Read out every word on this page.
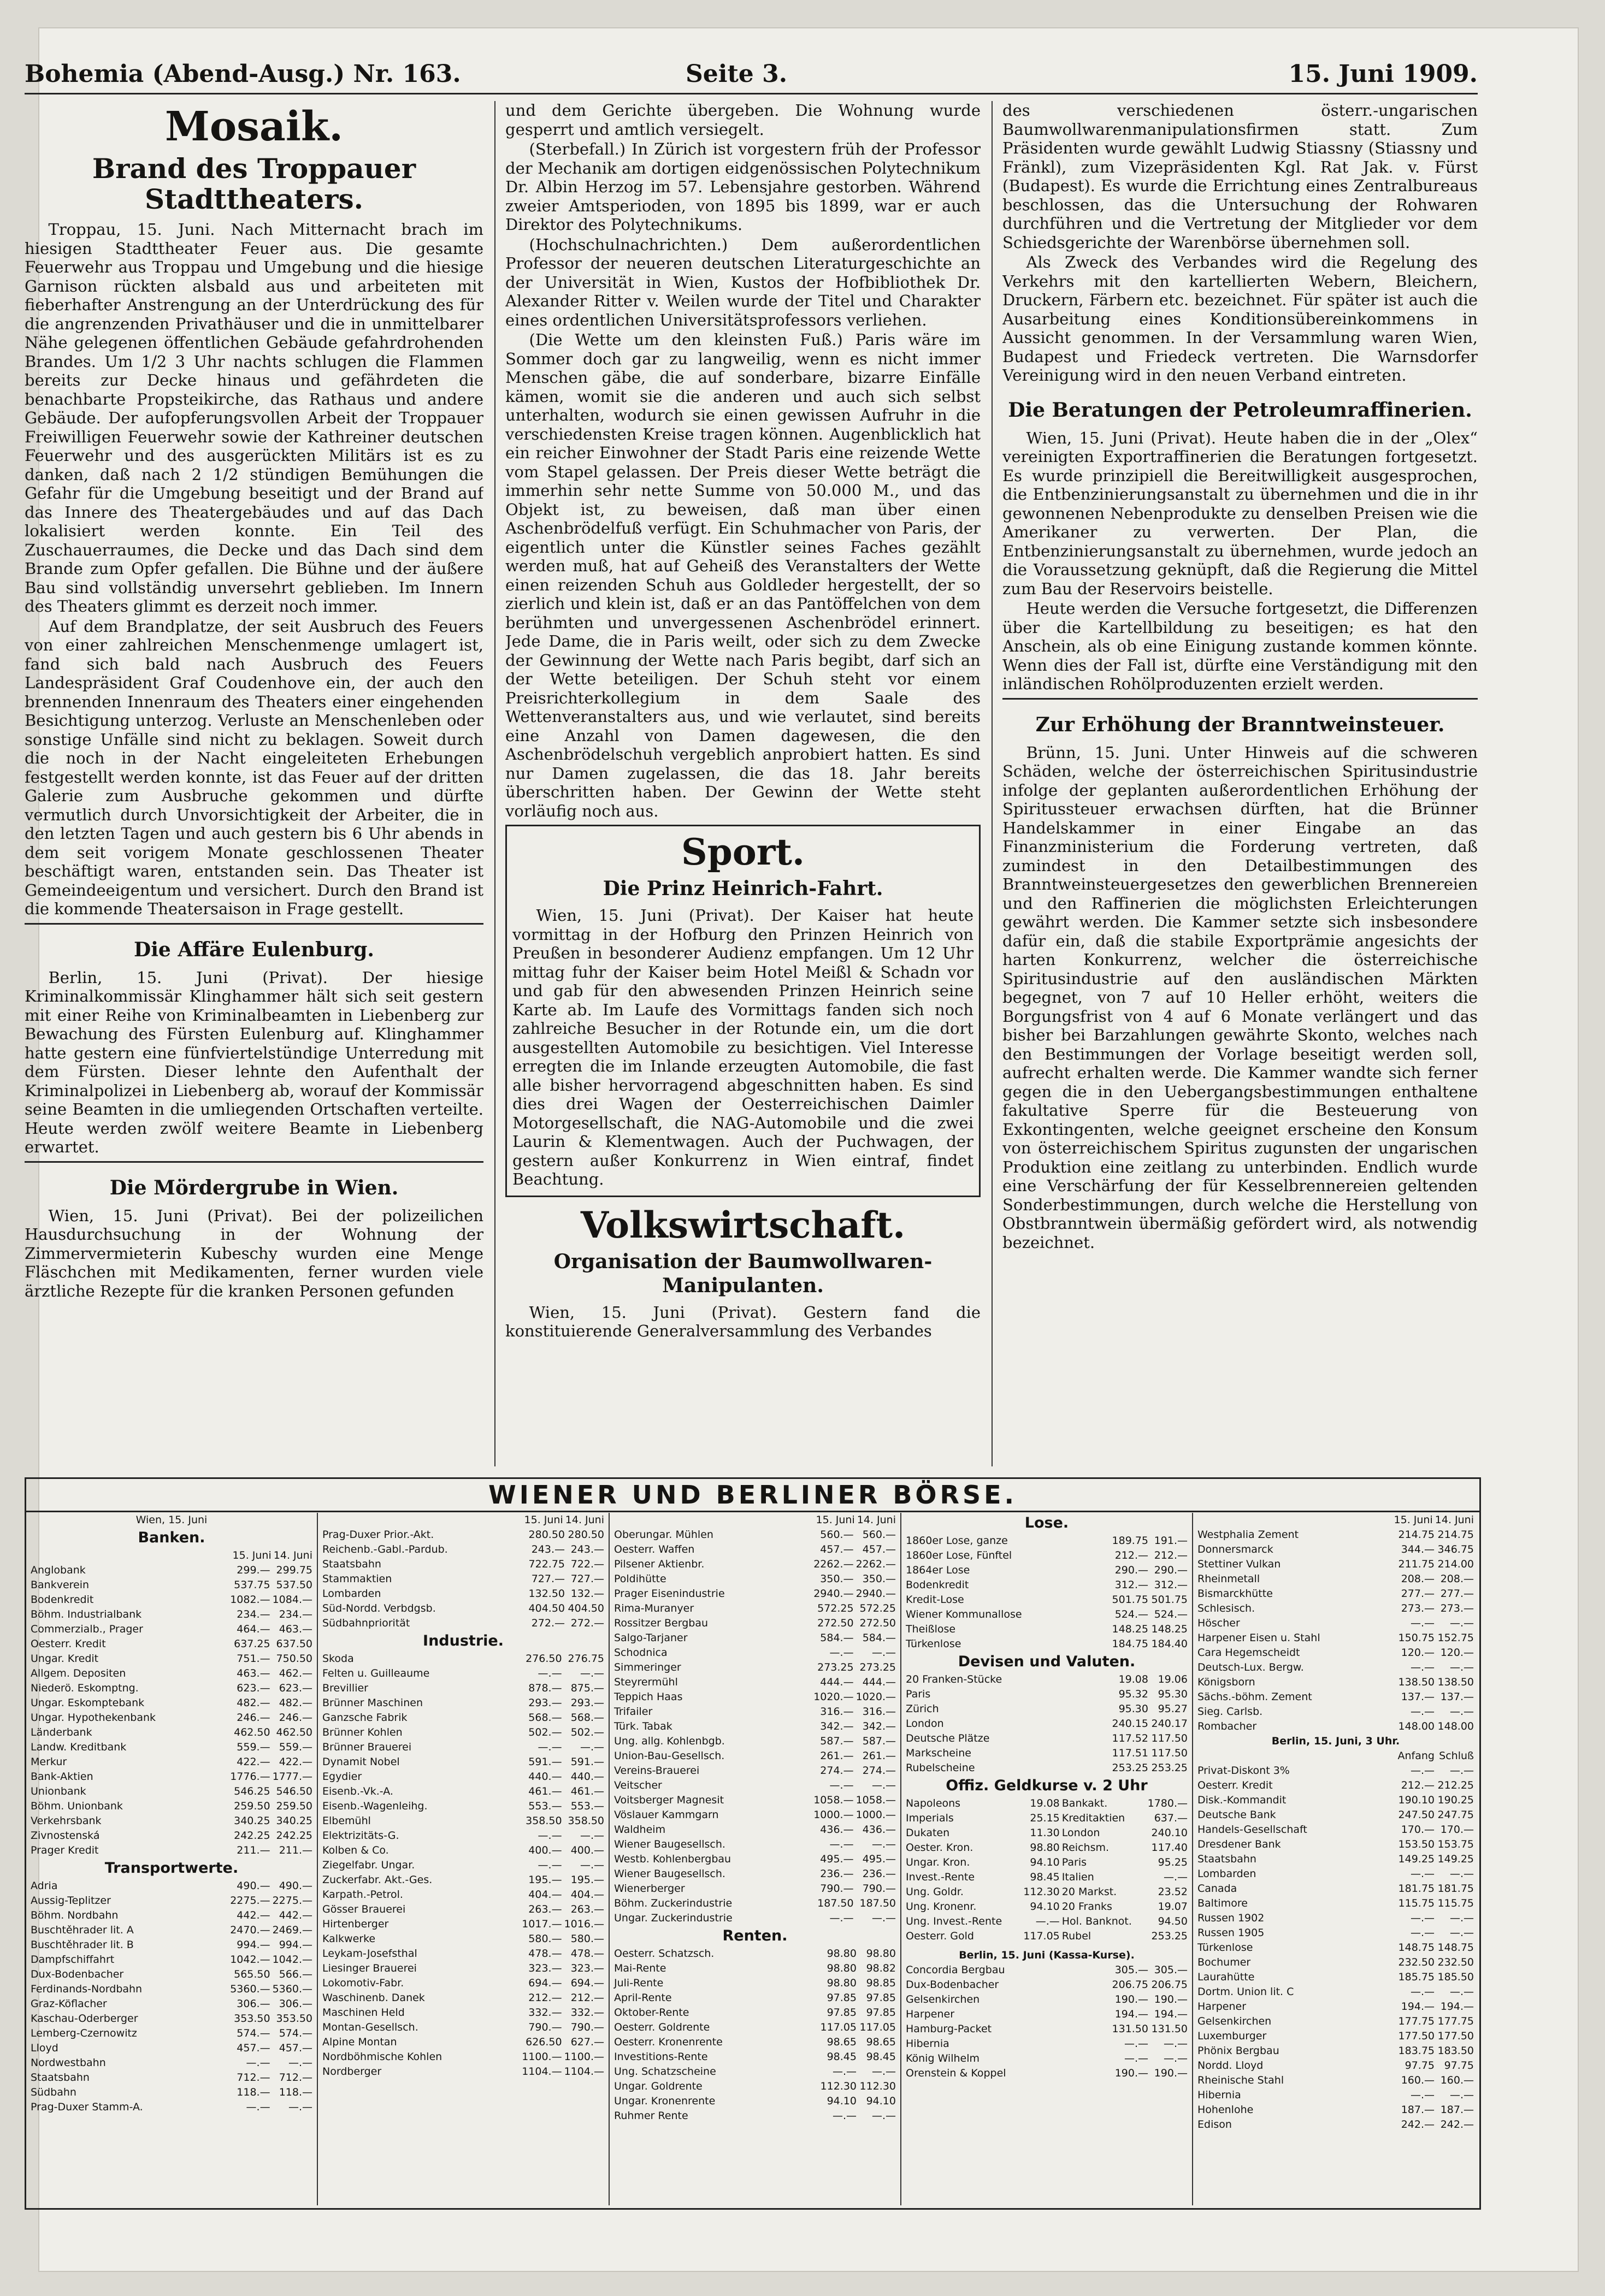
Bohemia (Abend-Ausg.) Nr. 163.	Seite 3.	15. Juni 1909.
Mosaik.
Brand des Troppauer Stadttheaters.

Troppau, 15. Juni. Nach Mitternacht brach im hiesigen Stadttheater Feuer aus. Die gesamte Feuerwehr aus Troppau und Umgebung und die hiesige Garnison rückten alsbald aus und arbeiteten mit fieberhafter Anstrengung an der Unterdrückung des für die angrenzenden Privathäuser und die in unmittelbarer Nähe gelegenen öffentlichen Gebäude gefahrdrohenden Brandes. Um 1/2 3 Uhr nachts schlugen die Flammen bereits zur Decke hinaus und gefährdeten die benachbarte Propsteikirche, das Rathaus und andere Gebäude. Der aufopferungsvollen Arbeit der Troppauer Freiwilligen Feuerwehr sowie der Kathreiner deutschen Feuerwehr und des ausgerückten Militärs ist es zu danken, daß nach 2 1/2 stündigen Bemühungen die Gefahr für die Umgebung beseitigt und der Brand auf das Innere des Theatergebäudes und auf das Dach lokalisiert werden konnte. Ein Teil des Zuschauerraumes, die Decke und das Dach sind dem Brande zum Opfer gefallen. Die Bühne und der äußere Bau sind vollständig unversehrt geblieben. Im Innern des Theaters glimmt es derzeit noch immer.

Auf dem Brandplatze, der seit Ausbruch des Feuers von einer zahlreichen Menschenmenge umlagert ist, fand sich bald nach Ausbruch des Feuers Landespräsident Graf Coudenhove ein, der auch den brennenden Innenraum des Theaters einer eingehenden Besichtigung unterzog. Verluste an Menschenleben oder sonstige Unfälle sind nicht zu beklagen. Soweit durch die noch in der Nacht eingeleiteten Erhebungen festgestellt werden konnte, ist das Feuer auf der dritten Galerie zum Ausbruche gekommen und dürfte vermutlich durch Unvorsichtigkeit der Arbeiter, die in den letzten Tagen und auch gestern bis 6 Uhr abends in dem seit vorigem Monate geschlossenen Theater beschäftigt waren, entstanden sein. Das Theater ist Gemeindeeigentum und versichert. Durch den Brand ist die kommende Theatersaison in Frage gestellt.

Die Affäre Eulenburg.

Berlin, 15. Juni (Privat). Der hiesige Kriminalkommissär Klinghammer hält sich seit gestern mit einer Reihe von Kriminalbeamten in Liebenberg zur Bewachung des Fürsten Eulenburg auf. Klinghammer hatte gestern eine fünfviertelstündige Unterredung mit dem Fürsten. Dieser lehnte den Aufenthalt der Kriminalpolizei in Liebenberg ab, worauf der Kommissär seine Beamten in die umliegenden Ortschaften verteilte. Heute werden zwölf weitere Beamte in Liebenberg erwartet.

Die Mördergrube in Wien.

Wien, 15. Juni (Privat). Bei der polizeilichen Hausdurchsuchung in der Wohnung der Zimmervermieterin Kubeschy wurden eine Menge Fläschchen mit Medikamenten, ferner wurden viele ärztliche Rezepte für die kranken Personen gefunden

und dem Gerichte übergeben. Die Wohnung wurde gesperrt und amtlich versiegelt.

(Sterbefall.) In Zürich ist vorgestern früh der Professor der Mechanik am dortigen eidgenössischen Polytechnikum Dr. Albin Herzog im 57. Lebensjahre gestorben. Während zweier Amtsperioden, von 1895 bis 1899, war er auch Direktor des Polytechnikums.

(Hochschulnachrichten.) Dem außerordentlichen Professor der neueren deutschen Literaturgeschichte an der Universität in Wien, Kustos der Hofbibliothek Dr. Alexander Ritter v. Weilen wurde der Titel und Charakter eines ordentlichen Universitätsprofessors verliehen.

(Die Wette um den kleinsten Fuß.) Paris wäre im Sommer doch gar zu langweilig, wenn es nicht immer Menschen gäbe, die auf sonderbare, bizarre Einfälle kämen, womit sie die anderen und auch sich selbst unterhalten, wodurch sie einen gewissen Aufruhr in die verschiedensten Kreise tragen können. Augenblicklich hat ein reicher Einwohner der Stadt Paris eine reizende Wette vom Stapel gelassen. Der Preis dieser Wette beträgt die immerhin sehr nette Summe von 50.000 M., und das Objekt ist, zu beweisen, daß man über einen Aschenbrödelfuß verfügt. Ein Schuhmacher von Paris, der eigentlich unter die Künstler seines Faches gezählt werden muß, hat auf Geheiß des Veranstalters der Wette einen reizenden Schuh aus Goldleder hergestellt, der so zierlich und klein ist, daß er an das Pantöffelchen von dem berühmten und unvergessenen Aschenbrödel erinnert. Jede Dame, die in Paris weilt, oder sich zu dem Zwecke der Gewinnung der Wette nach Paris begibt, darf sich an der Wette beteiligen. Der Schuh steht vor einem Preisrichterkollegium in dem Saale des Wettenveranstalters aus, und wie verlautet, sind bereits eine Anzahl von Damen dagewesen, die den Aschenbrödelschuh vergeblich anprobiert hatten. Es sind nur Damen zugelassen, die das 18. Jahr bereits überschritten haben. Der Gewinn der Wette steht vorläufig noch aus.

Sport.
Die Prinz Heinrich-Fahrt.

Wien, 15. Juni (Privat). Der Kaiser hat heute vormittag in der Hofburg den Prinzen Heinrich von Preußen in besonderer Audienz empfangen. Um 12 Uhr mittag fuhr der Kaiser beim Hotel Meißl & Schadn vor und gab für den abwesenden Prinzen Heinrich seine Karte ab. Im Laufe des Vormittags fanden sich noch zahlreiche Besucher in der Rotunde ein, um die dort ausgestellten Automobile zu besichtigen. Viel Interesse erregten die im Inlande erzeugten Automobile, die fast alle bisher hervorragend abgeschnitten haben. Es sind dies drei Wagen der Oesterreichischen Daimler Motorgesellschaft, die NAG-Automobile und die zwei Laurin & Klementwagen. Auch der Puchwagen, der gestern außer Konkurrenz in Wien eintraf, findet Beachtung.

Volkswirtschaft.
Organisation der Baumwollwaren-Manipulanten.

Wien, 15. Juni (Privat). Gestern fand die konstituierende Generalversammlung des Verbandes

des verschiedenen österr.-ungarischen Baumwollwarenmanipulationsfirmen statt. Zum Präsidenten wurde gewählt Ludwig Stiassny (Stiassny und Fränkl), zum Vizepräsidenten Kgl. Rat Jak. v. Fürst (Budapest). Es wurde die Errichtung eines Zentralbureaus beschlossen, das die Untersuchung der Rohwaren durchführen und die Vertretung der Mitglieder vor dem Schiedsgerichte der Warenbörse übernehmen soll.

Als Zweck des Verbandes wird die Regelung des Verkehrs mit den kartellierten Webern, Bleichern, Druckern, Färbern etc. bezeichnet. Für später ist auch die Ausarbeitung eines Konditionsübereinkommens in Aussicht genommen. In der Versammlung waren Wien, Budapest und Friedeck vertreten. Die Warnsdorfer Vereinigung wird in den neuen Verband eintreten.

Die Beratungen der Petroleumraffinerien.

Wien, 15. Juni (Privat). Heute haben die in der „Olex“ vereinigten Exportraffinerien die Beratungen fortgesetzt. Es wurde prinzipiell die Bereitwilligkeit ausgesprochen, die Entbenzinierungsanstalt zu übernehmen und die in ihr gewonnenen Nebenprodukte zu denselben Preisen wie die Amerikaner zu verwerten. Der Plan, die Entbenzinierungsanstalt zu übernehmen, wurde jedoch an die Voraussetzung geknüpft, daß die Regierung die Mittel zum Bau der Reservoirs beistelle.

Heute werden die Versuche fortgesetzt, die Differenzen über die Kartellbildung zu beseitigen; es hat den Anschein, als ob eine Einigung zustande kommen könnte. Wenn dies der Fall ist, dürfte eine Verständigung mit den inländischen Rohölproduzenten erzielt werden.

Zur Erhöhung der Branntweinsteuer.

Brünn, 15. Juni. Unter Hinweis auf die schweren Schäden, welche der österreichischen Spiritusindustrie infolge der geplanten außerordentlichen Erhöhung der Spiritussteuer erwachsen dürften, hat die Brünner Handelskammer in einer Eingabe an das Finanzministerium die Forderung vertreten, daß zumindest in den Detailbestimmungen des Branntweinsteuergesetzes den gewerblichen Brennereien und den Raffinerien die möglichsten Erleichterungen gewährt werden. Die Kammer setzte sich insbesondere dafür ein, daß die stabile Exportprämie angesichts der harten Konkurrenz, welcher die österreichische Spiritusindustrie auf den ausländischen Märkten begegnet, von 7 auf 10 Heller erhöht, weiters die Borgungsfrist von 4 auf 6 Monate verlängert und das bisher bei Barzahlungen gewährte Skonto, welches nach den Bestimmungen der Vorlage beseitigt werden soll, aufrecht erhalten werde. Die Kammer wandte sich ferner gegen die in den Uebergangsbestimmungen enthaltene fakultative Sperre für die Besteuerung von Exkontingenten, welche geeignet erscheine den Konsum von österreichischem Spiritus zugunsten der ungarischen Produktion eine zeitlang zu unterbinden. Endlich wurde eine Verschärfung der für Kesselbrennereien geltenden Sonderbestimmungen, durch welche die Herstellung von Obstbranntwein übermäßig gefördert wird, als notwendig bezeichnet.

WIENER UND BERLINER BÖRSE.
Wien, 15. Juni
Banken.
	15. Juni	14. Juni
Anglobank	299.—	299.75
Bankverein	537.75	537.50
Bodenkredit	1082.—	1084.—
Böhm. Industrialbank	234.—	234.—
Commerzialb., Prager	464.—	463.—
Oesterr. Kredit	637.25	637.50
Ungar. Kredit	751.—	750.50
Allgem. Depositen	463.—	462.—
Niederö. Eskomptng.	623.—	623.—
Ungar. Eskomptebank	482.—	482.—
Ungar. Hypothekenbank	246.—	246.—
Länderbank	462.50	462.50
Landw. Kreditbank	559.—	559.—
Merkur	422.—	422.—
Bank-Aktien	1776.—	1777.—
Unionbank	546.25	546.50
Böhm. Unionbank	259.50	259.50
Verkehrsbank	340.25	340.25
Zivnostenská	242.25	242.25
Prager Kredit	211.—	211.—
Transportwerte.
Adria	490.—	490.—
Aussig-Teplitzer	2275.—	2275.—
Böhm. Nordbahn	442.—	442.—
Buschtěhrader lit. A	2470.—	2469.—
Buschtěhrader lit. B	994.—	994.—
Dampfschiffahrt	1042.—	1042.—
Dux-Bodenbacher	565.50	566.—
Ferdinands-Nordbahn	5360.—	5360.—
Graz-Köflacher	306.—	306.—
Kaschau-Oderberger	353.50	353.50
Lemberg-Czernowitz	574.—	574.—
Lloyd	457.—	457.—
Nordwestbahn	—.—	—.—
Staatsbahn	712.—	712.—
Südbahn	118.—	118.—
Prag-Duxer Stamm-A.	—.—	—.—
	15. Juni	14. Juni
Prag-Duxer Prior.-Akt.	280.50	280.50
Reichenb.-Gabl.-Pardub.	243.—	243.—
Staatsbahn	722.75	722.—
Stammaktien	727.—	727.—
Lombarden	132.50	132.—
Süd-Nordd. Verbdgsb.	404.50	404.50
Südbahnpriorität	272.—	272.—
Industrie.
Skoda	276.50	276.75
Felten u. Guilleaume	—.—	—.—
Brevillier	878.—	875.—
Brünner Maschinen	293.—	293.—
Ganzsche Fabrik	568.—	568.—
Brünner Kohlen	502.—	502.—
Brünner Brauerei	—.—	—.—
Dynamit Nobel	591.—	591.—
Egydier	440.—	440.—
Eisenb.-Vk.-A.	461.—	461.—
Eisenb.-Wagenleihg.	553.—	553.—
Elbemühl	358.50	358.50
Elektrizitäts-G.	—.—	—.—
Kolben & Co.	400.—	400.—
Ziegelfabr. Ungar.	—.—	—.—
Zuckerfabr. Akt.-Ges.	195.—	195.—
Karpath.-Petrol.	404.—	404.—
Gösser Brauerei	263.—	263.—
Hirtenberger	1017.—	1016.—
Kalkwerke	580.—	580.—
Leykam-Josefsthal	478.—	478.—
Liesinger Brauerei	323.—	323.—
Lokomotiv-Fabr.	694.—	694.—
Waschinenb. Danek	212.—	212.—
Maschinen Held	332.—	332.—
Montan-Gesellsch.	790.—	790.—
Alpine Montan	626.50	627.—
Nordböhmische Kohlen	1100.—	1100.—
Nordberger	1104.—	1104.—
	15. Juni	14. Juni
Oberungar. Mühlen	560.—	560.—
Oesterr. Waffen	457.—	457.—
Pilsener Aktienbr.	2262.—	2262.—
Poldihütte	350.—	350.—
Prager Eisenindustrie	2940.—	2940.—
Rima-Muranyer	572.25	572.25
Rossitzer Bergbau	272.50	272.50
Salgo-Tarjaner	584.—	584.—
Schodnica	—.—	—.—
Simmeringer	273.25	273.25
Steyrermühl	444.—	444.—
Teppich Haas	1020.—	1020.—
Trifailer	316.—	316.—
Türk. Tabak	342.—	342.—
Ung. allg. Kohlenbgb.	587.—	587.—
Union-Bau-Gesellsch.	261.—	261.—
Vereins-Brauerei	274.—	274.—
Veitscher	—.—	—.—
Voitsberger Magnesit	1058.—	1058.—
Vöslauer Kammgarn	1000.—	1000.—
Waldheim	436.—	436.—
Wiener Baugesellsch.	—.—	—.—
Westb. Kohlenbergbau	495.—	495.—
Wiener Baugesellsch.	236.—	236.—
Wienerberger	790.—	790.—
Böhm. Zuckerindustrie	187.50	187.50
Ungar. Zuckerindustrie	—.—	—.—
Renten.
Oesterr. Schatzsch.	98.80	98.80
Mai-Rente	98.80	98.82
Juli-Rente	98.80	98.85
April-Rente	97.85	97.85
Oktober-Rente	97.85	97.85
Oesterr. Goldrente	117.05	117.05
Oesterr. Kronenrente	98.65	98.65
Investitions-Rente	98.45	98.45
Ung. Schatzscheine	—.—	—.—
Ungar. Goldrente	112.30	112.30
Ungar. Kronenrente	94.10	94.10
Ruhmer Rente	—.—	—.—
Lose.
1860er Lose, ganze	189.75	191.—
1860er Lose, Fünftel	212.—	212.—
1864er Lose	290.—	290.—
Bodenkredit	312.—	312.—
Kredit-Lose	501.75	501.75
Wiener Kommunallose	524.—	524.—
Theißlose	148.25	148.25
Türkenlose	184.75	184.40
Devisen und Valuten.
20 Franken-Stücke	19.08	19.06
Paris	95.32	95.30
Zürich	95.30	95.27
London	240.15	240.17
Deutsche Plätze	117.52	117.50
Markscheine	117.51	117.50
Rubelscheine	253.25	253.25
Offiz. Geldkurse v. 2 Uhr
Napoleons	19.08	Bankakt.	1780.—
Imperials	25.15	Kreditaktien	637.—
Dukaten	11.30	London	240.10
Oester. Kron.	98.80	Reichsm.	117.40
Ungar. Kron.	94.10	Paris	95.25
Invest.-Rente	98.45	Italien	—.—
Ung. Goldr.	112.30	20 Markst.	23.52
Ung. Kronenr.	94.10	20 Franks	19.07
Ung. Invest.-Rente	—.—	Hol. Banknot.	94.50
Oesterr. Gold	117.05	Rubel	253.25
Berlin, 15. Juni (Kassa-Kurse).
Concordia Bergbau	305.—	305.—
Dux-Bodenbacher	206.75	206.75
Gelsenkirchen	190.—	190.—
Harpener	194.—	194.—
Hamburg-Packet	131.50	131.50
Hibernia	—.—	—.—
König Wilhelm	—.—	—.—
Orenstein & Koppel	190.—	190.—
	15. Juni	14. Juni
Westphalia Zement	214.75	214.75
Donnersmarck	344.—	346.75
Stettiner Vulkan	211.75	214.00
Rheinmetall	208.—	208.—
Bismarckhütte	277.—	277.—
Schlesisch.	273.—	273.—
Höscher	—.—	—.—
Harpener Eisen u. Stahl	150.75	152.75
Cara Hegemscheidt	120.—	120.—
Deutsch-Lux. Bergw.	—.—	—.—
Königsborn	138.50	138.50
Sächs.-böhm. Zement	137.—	137.—
Sieg. Carlsb.	—.—	—.—
Rombacher	148.00	148.00
Berlin, 15. Juni, 3 Uhr.
	Anfang	Schluß
Privat-Diskont 3%	—.—	—.—
Oesterr. Kredit	212.—	212.25
Disk.-Kommandit	190.10	190.25
Deutsche Bank	247.50	247.75
Handels-Gesellschaft	170.—	170.—
Dresdener Bank	153.50	153.75
Staatsbahn	149.25	149.25
Lombarden	—.—	—.—
Canada	181.75	181.75
Baltimore	115.75	115.75
Russen 1902	—.—	—.—
Russen 1905	—.—	—.—
Türkenlose	148.75	148.75
Bochumer	232.50	232.50
Laurahütte	185.75	185.50
Dortm. Union lit. C	—.—	—.—
Harpener	194.—	194.—
Gelsenkirchen	177.75	177.75
Luxemburger	177.50	177.50
Phönix Bergbau	183.75	183.50
Nordd. Lloyd	97.75	97.75
Rheinische Stahl	160.—	160.—
Hibernia	—.—	—.—
Hohenlohe	187.—	187.—
Edison	242.—	242.—
